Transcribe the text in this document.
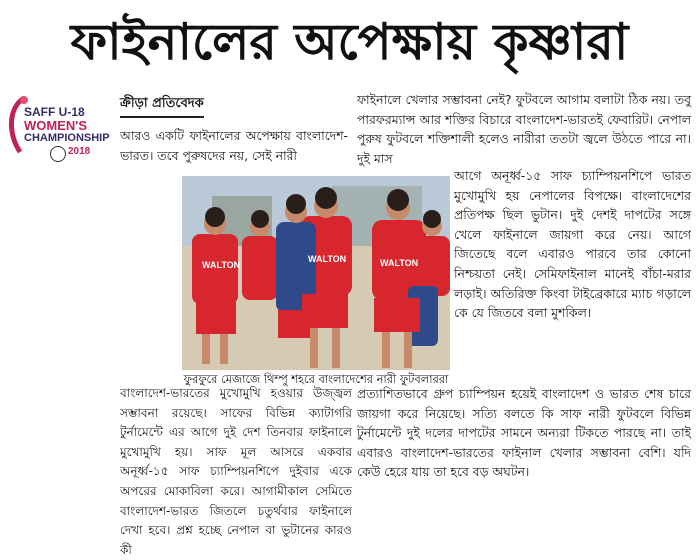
ফাইনালের অপেক্ষায় কৃষ্ণারা
SAFF U-18
WOMEN'S
CHAMPIONSHIP
2018
ক্রীড়া প্রতিবেদক

আরও একটি ফাইনালের অপেক্ষায় বাংলাদেশ-ভারত। তবে পুরুষদের নয়, সেই নারী

ফাইনালে খেলার সম্ভাবনা নেই? ফুটবলে আগাম বলাটা ঠিক নয়। তবু পারফরম্যান্স আর শক্তির বিচারে বাংলাদেশ-ভারতই ফেবারিট। নেপাল পুরুষ ফুটবলে শক্তিশালী হলেও নারীরা ততটা জ্বলে উঠতে পারে না। দুই মাস

আগে অনূর্ধ্ব-১৫ সাফ চ্যাম্পিয়নশিপে ভারত মুখোমুখি হয় নেপালের বিপক্ষে। বাংলাদেশের প্রতিপক্ষ ছিল ভুটান। দুই দেশই দাপটের সঙ্গে খেলে ফাইনালে জায়গা করে নেয়। আগে জিতেছে বলে এবারও পারবে তার কোনো নিশ্চয়তা নেই। সেমিফাইনাল মানেই বাঁচা-মরার লড়াই। অতিরিক্ত কিংবা টাইব্রেকারে ম্যাচ গড়ালে কে যে জিতবে বলা মুশকিল।

WALTON
WALTON	WALTON
ফুরফুরে মেজাজে থিম্পু শহরে বাংলাদেশের নারী ফুটবলাররা

বাংলাদেশ-ভারতের মুখোমুখি হওয়ার উজ্জ্বল সম্ভাবনা রয়েছে। সাফের বিভিন্ন ক্যাটাগরি টুর্নামেন্টে এর আগে দুই দেশ তিনবার ফাইনালে মুখোমুখি হয়। সাফ মূল আসরে একবার অনূর্ধ্ব-১৫ সাফ চ্যাম্পিয়নশিপে দুইবার একে অপরের মোকাবিলা করে। আগামীকাল সেমিতে বাংলাদেশ-ভারত জিতলে চতুর্থবার ফাইনালে দেখা হবে। প্রশ্ন হচ্ছে নেপাল বা ভুটানের কারও কী

প্রত্যাশিতভাবে গ্রুপ চ্যাম্পিয়ন হয়েই বাংলাদেশ ও ভারত শেষ চারে জায়গা করে নিয়েছে। সত্যি বলতে কি সাফ নারী ফুটবলে বিভিন্ন টুর্নামেন্টে দুই দলের দাপটের সামনে অন্যরা টিকতে পারছে না। তাই এবারও বাংলাদেশ-ভারতের ফাইনাল খেলার সম্ভাবনা বেশি। যদি কেউ হেরে যায় তা হবে বড় অঘটন।
